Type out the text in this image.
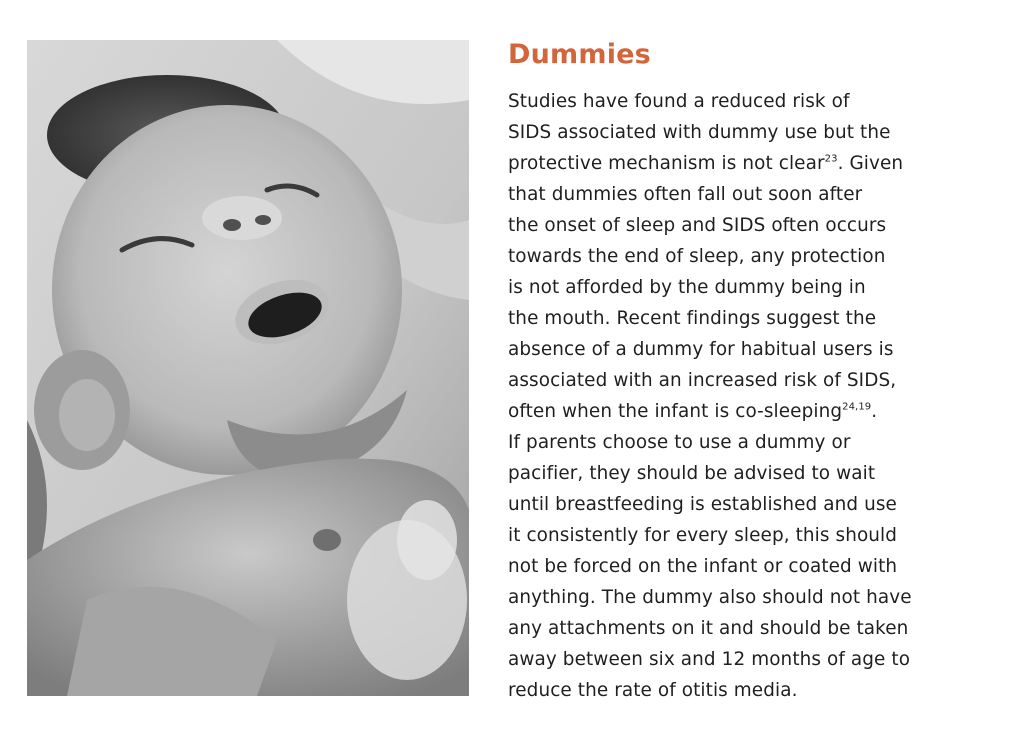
Dummies
Studies have found a reduced risk of
SIDS associated with dummy use but the
protective mechanism is not clear$^{23}$. Given
that dummies often fall out soon after
the onset of sleep and SIDS often occurs
towards the end of sleep, any protection
is not afforded by the dummy being in
the mouth. Recent findings suggest the
absence of a dummy for habitual users is
associated with an increased risk of SIDS,
often when the infant is co-sleeping$^{24,19}$.
If parents choose to use a dummy or
pacifier, they should be advised to wait
until breastfeeding is established and use
it consistently for every sleep, this should
not be forced on the infant or coated with
anything. The dummy also should not have
any attachments on it and should be taken
away between six and 12 months of age to
reduce the rate of otitis media.
